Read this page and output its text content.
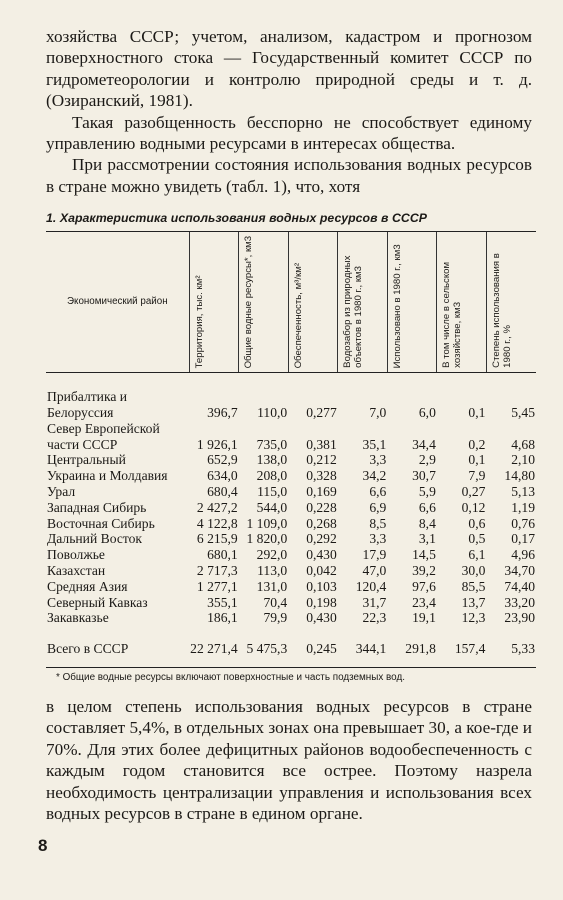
хозяйства СССР; учетом, анализом, кадастром и прогнозом поверхностного стока — Государственный комитет СССР по гидрометеорологии и контролю природной среды и т. д. (Озиранский, 1981).

Такая разобщенность бесспорно не способствует единому управлению водными ресурсами в интересах общества.

При рассмотрении состояния использования водных ресурсов в стране можно увидеть (табл. 1), что, хотя

1. Характеристика использования водных ресурсов в СССР
Экономический район	Территория, тыс. км²	Общие водные ресурсы*, км3	Обеспеченность, м³/км²	Водозабор из природных объектов в 1980 г., км3	Использовано в 1980 г., км3	В том числе в сельском хозяйстве, км3	Степень использования в 1980 г., %

Прибалтика и Белоруссия	396,7	110,0	0,277	7,0	6,0	0,1	5,45
Север Европейской части СССР	1 926,1	735,0	0,381	35,1	34,4	0,2	4,68
Центральный	652,9	138,0	0,212	3,3	2,9	0,1	2,10
Украина и Молдавия	634,0	208,0	0,328	34,2	30,7	7,9	14,80
Урал	680,4	115,0	0,169	6,6	5,9	0,27	5,13
Западная Сибирь	2 427,2	544,0	0,228	6,9	6,6	0,12	1,19
Восточная Сибирь	4 122,8	1 109,0	0,268	8,5	8,4	0,6	0,76
Дальний Восток	6 215,9	1 820,0	0,292	3,3	3,1	0,5	0,17
Поволжье	680,1	292,0	0,430	17,9	14,5	6,1	4,96
Казахстан	2 717,3	113,0	0,042	47,0	39,2	30,0	34,70
Средняя Азия	1 277,1	131,0	0,103	120,4	97,6	85,5	74,40
Северный Кавказ	355,1	70,4	0,198	31,7	23,4	13,7	33,20
Закавказье	186,1	79,9	0,430	22,3	19,1	12,3	23,90
Всего в СССР	22 271,4	5 475,3	0,245	344,1	291,8	157,4	5,33
* Общие водные ресурсы включают поверхностные и часть подземных вод.

в целом степень использования водных ресурсов в стране составляет 5,4%, в отдельных зонах она превышает 30, а кое-где и 70%. Для этих более дефицитных районов водообеспеченность с каждым годом становится все острее. Поэтому назрела необходимость централизации управления и использования всех водных ресурсов в стране в едином органе.

8
